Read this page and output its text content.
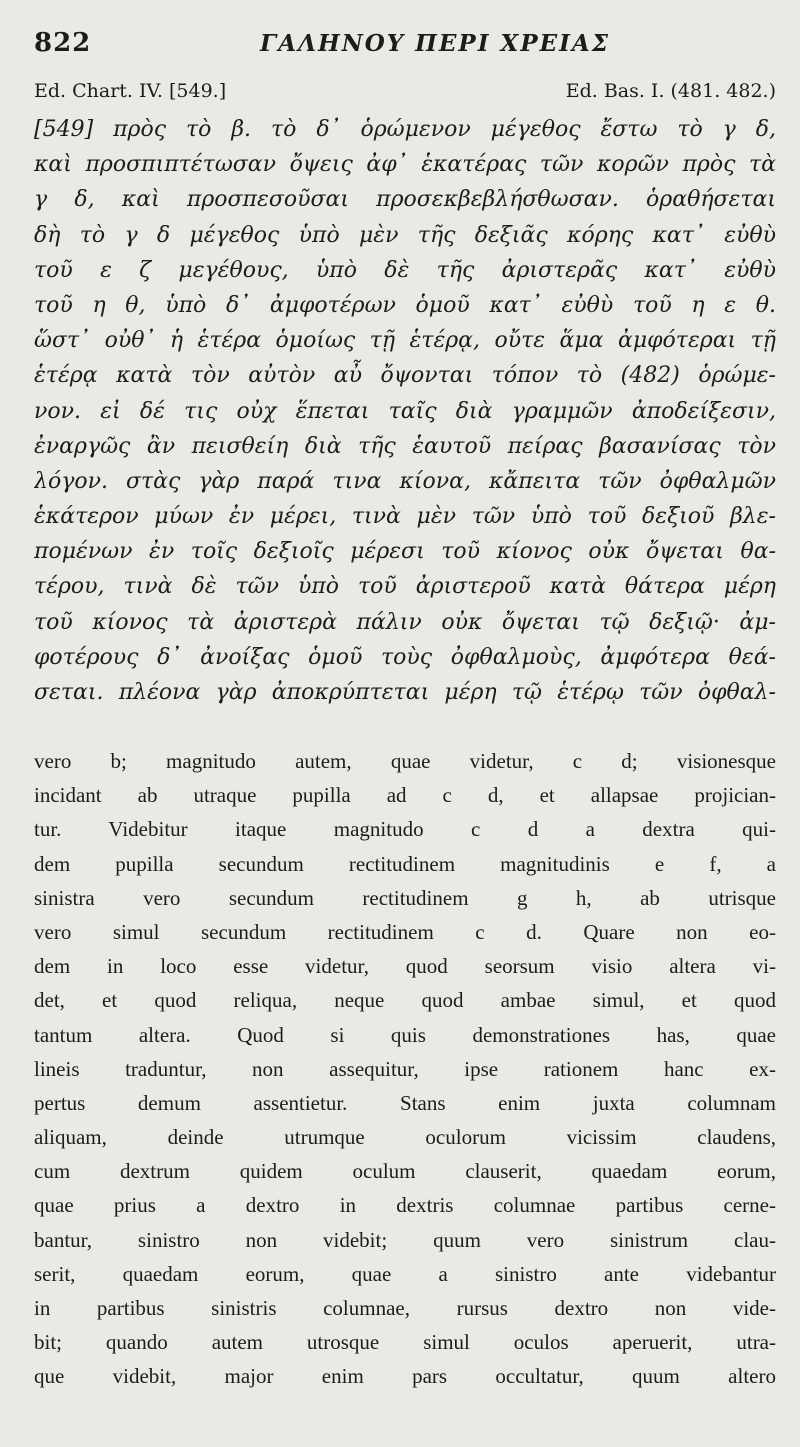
822	ΓΑΛΗΝΟΥ ΠΕΡΙ ΧΡΕΙΑΣ
Ed. Chart. IV. [549.]	Ed. Bas. I. (481. 482.)
[549] πρὸς τὸ β. τὸ δ᾽ ὁρώμενον μέγεθος ἔστω τὸ γ δ,
καὶ προσπιπτέτωσαν ὄψεις ἀφ᾽ ἑκατέρας τῶν κορῶν πρὸς τὰ
γ δ, καὶ προσπεσοῦσαι προσεκβεβλήσθωσαν. ὁραθήσεται
δὴ τὸ γ δ μέγεθος ὑπὸ μὲν τῆς δεξιᾶς κόρης κατ᾽ εὐθὺ
τοῦ ε ζ μεγέθους, ὑπὸ δὲ τῆς ἀριστερᾶς κατ᾽ εὐθὺ
τοῦ η θ, ὑπὸ δ᾽ ἀμφοτέρων ὁμοῦ κατ᾽ εὐθὺ τοῦ η ε θ.
ὥστ᾽ οὐθ᾽ ἡ ἑτέρα ὁμοίως τῇ ἑτέρᾳ, οὔτε ἅμα ἀμφότεραι τῇ
ἑτέρᾳ κατὰ τὸν αὐτὸν αὖ ὄψονται τόπον τὸ (482) ὁρώμε-
νον. εἰ δέ τις οὐχ ἕπεται ταῖς διὰ γραμμῶν ἀποδείξεσιν,
ἐναργῶς ἂν πεισθείη διὰ τῆς ἑαυτοῦ πείρας βασανίσας τὸν
λόγον. στὰς γὰρ παρά τινα κίονα, κἄπειτα τῶν ὀφθαλμῶν
ἑκάτερον μύων ἐν μέρει, τινὰ μὲν τῶν ὑπὸ τοῦ δεξιοῦ βλε-
πομένων ἐν τοῖς δεξιοῖς μέρεσι τοῦ κίονος οὐκ ὄψεται θα-
τέρου, τινὰ δὲ τῶν ὑπὸ τοῦ ἀριστεροῦ κατὰ θάτερα μέρη
τοῦ κίονος τὰ ἀριστερὰ πάλιν οὐκ ὄψεται τῷ δεξιῷ· ἀμ-
φοτέρους δ᾽ ἀνοίξας ὁμοῦ τοὺς ὀφθαλμοὺς, ἀμφότερα θεά-
σεται. πλέονα γὰρ ἀποκρύπτεται μέρη τῷ ἑτέρῳ τῶν ὀφθαλ-
vero b; magnitudo autem, quae videtur, c d; visionesque
incidant ab utraque pupilla ad c d, et allapsae projician-
tur. Videbitur itaque magnitudo c d a dextra qui-
dem pupilla secundum rectitudinem magnitudinis e f, a
sinistra vero secundum rectitudinem g h, ab utrisque
vero simul secundum rectitudinem c d. Quare non eo-
dem in loco esse videtur, quod seorsum visio altera vi-
det, et quod reliqua, neque quod ambae simul, et quod
tantum altera. Quod si quis demonstrationes has, quae
lineis traduntur, non assequitur, ipse rationem hanc ex-
pertus demum assentietur. Stans enim juxta columnam
aliquam, deinde utrumque oculorum vicissim claudens,
cum dextrum quidem oculum clauserit, quaedam eorum,
quae prius a dextro in dextris columnae partibus cerne-
bantur, sinistro non videbit; quum vero sinistrum clau-
serit, quaedam eorum, quae a sinistro ante videbantur
in partibus sinistris columnae, rursus dextro non vide-
bit; quando autem utrosque simul oculos aperuerit, utra-
que videbit, major enim pars occultatur, quum altero
